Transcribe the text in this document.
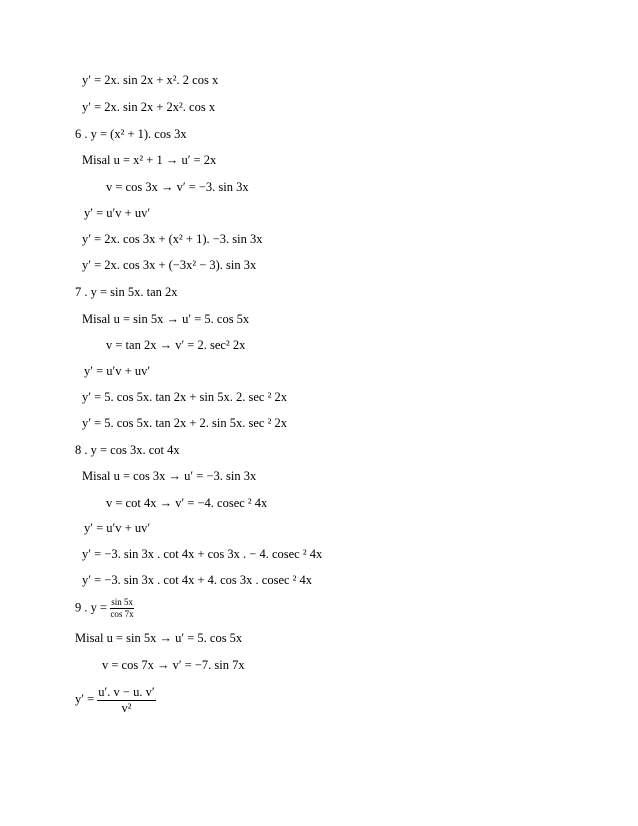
y′ = 2x. sin 2x + x². 2 cos x
y′ = 2x. sin 2x + 2x². cos x
6 . y = (x² + 1). cos 3x
Misal u = x² + 1 → u′ = 2x
v = cos 3x → v′ = −3. sin 3x
y′ = u′v + uv′
y′ = 2x. cos 3x + (x² + 1). −3. sin 3x
y′ = 2x. cos 3x + (−3x² − 3). sin 3x
7 . y = sin 5x. tan 2x
Misal u = sin 5x → u′ = 5. cos 5x
v = tan 2x → v′ = 2. sec² 2x
y′ = u′v + uv′
y′ = 5. cos 5x. tan 2x + sin 5x. 2. sec ² 2x
y′ = 5. cos 5x. tan 2x + 2. sin 5x. sec ² 2x
8 . y = cos 3x. cot 4x
Misal u = cos 3x → u′ = −3. sin 3x
v = cot 4x → v′ = −4. cosec ² 4x
y′ = u′v + uv′
y′ = −3. sin 3x . cot 4x + cos 3x . − 4. cosec ² 4x
y′ = −3. sin 3x . cot 4x + 4. cos 3x . cosec ² 4x
9 . $y = \frac{\sin 5x}{\cos 7x}$
Misal u = sin 5x → u′ = 5. cos 5x
v = cos 7x → v′ = −7. sin 7x
$y' = \frac{u'. v - u. v'}{\text{v²}}$
